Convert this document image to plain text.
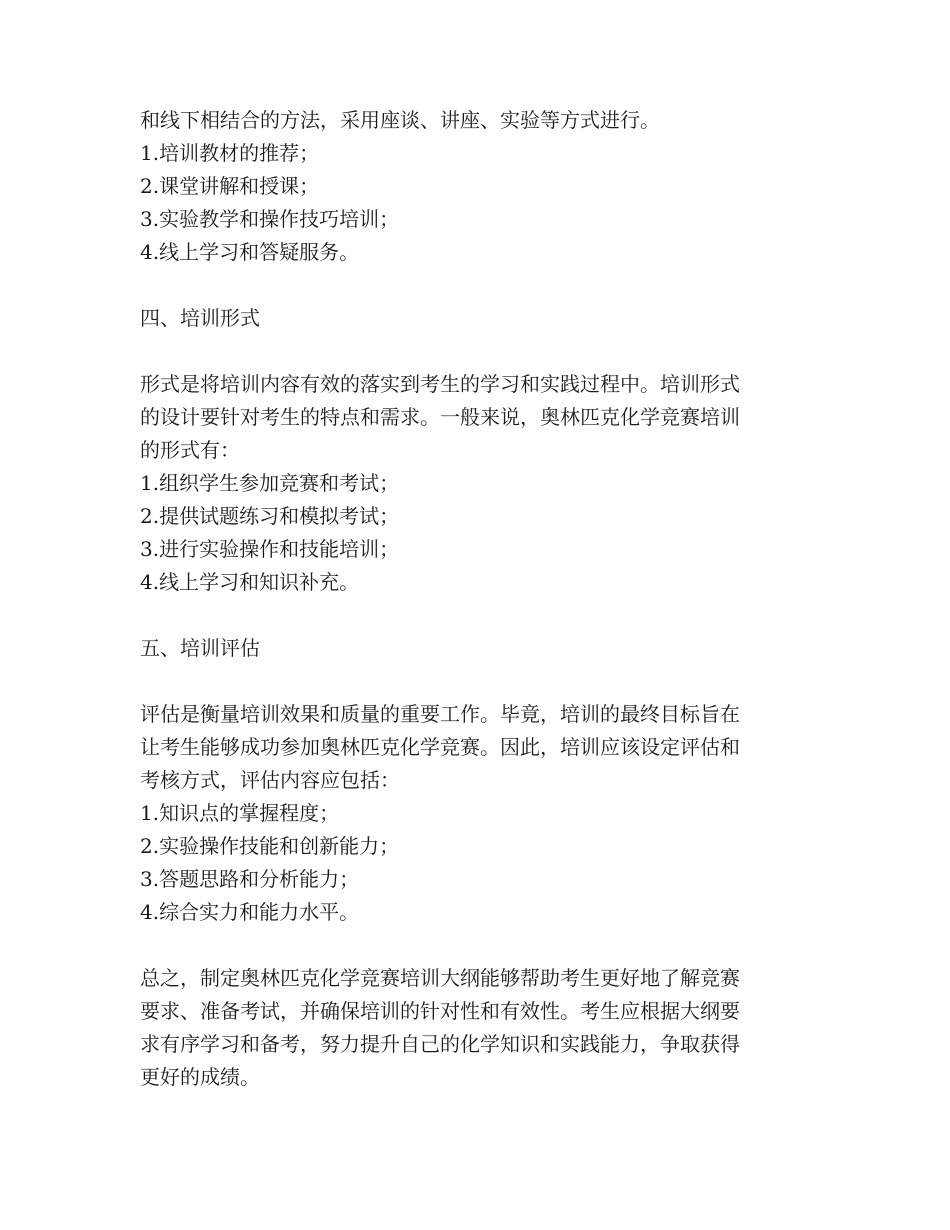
和线下相结合的方法，采用座谈、讲座、实验等方式进行。

1.培训教材的推荐；
2.课堂讲解和授课；
3.实验教学和操作技巧培训；
4.线上学习和答疑服务。
四、培训形式

形式是将培训内容有效的落实到考生的学习和实践过程中。培训形式
的设计要针对考生的特点和需求。一般来说，奥林匹克化学竞赛培训
的形式有：

1.组织学生参加竞赛和考试；
2.提供试题练习和模拟考试；
3.进行实验操作和技能培训；
4.线上学习和知识补充。
五、培训评估

评估是衡量培训效果和质量的重要工作。毕竟，培训的最终目标旨在
让考生能够成功参加奥林匹克化学竞赛。因此，培训应该设定评估和
考核方式，评估内容应包括：

1.知识点的掌握程度；
2.实验操作技能和创新能力；
3.答题思路和分析能力；
4.综合实力和能力水平。

总之，制定奥林匹克化学竞赛培训大纲能够帮助考生更好地了解竞赛
要求、准备考试，并确保培训的针对性和有效性。考生应根据大纲要
求有序学习和备考，努力提升自己的化学知识和实践能力，争取获得
更好的成绩。
